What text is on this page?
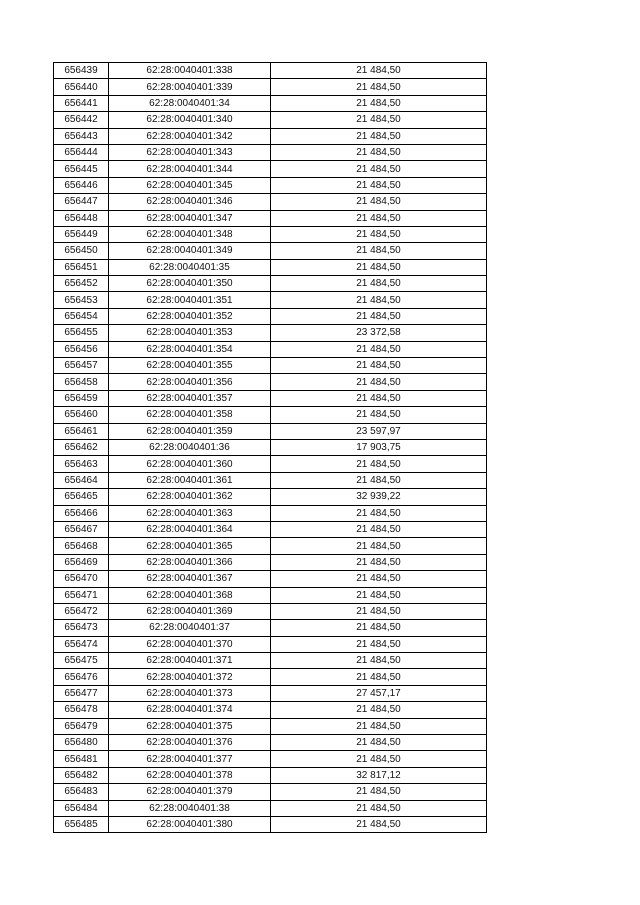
656439	62:28:0040401:338	21 484,50
656440	62:28:0040401:339	21 484,50
656441	62:28:0040401:34	21 484,50
656442	62:28:0040401:340	21 484,50
656443	62:28:0040401:342	21 484,50
656444	62:28:0040401:343	21 484,50
656445	62:28:0040401:344	21 484,50
656446	62:28:0040401:345	21 484,50
656447	62:28:0040401:346	21 484,50
656448	62:28:0040401:347	21 484,50
656449	62:28:0040401:348	21 484,50
656450	62:28:0040401:349	21 484,50
656451	62:28:0040401:35	21 484,50
656452	62:28:0040401:350	21 484,50
656453	62:28:0040401:351	21 484,50
656454	62:28:0040401:352	21 484,50
656455	62:28:0040401:353	23 372,58
656456	62:28:0040401:354	21 484,50
656457	62:28:0040401:355	21 484,50
656458	62:28:0040401:356	21 484,50
656459	62:28:0040401:357	21 484,50
656460	62:28:0040401:358	21 484,50
656461	62:28:0040401:359	23 597,97
656462	62:28:0040401:36	17 903,75
656463	62:28:0040401:360	21 484,50
656464	62:28:0040401:361	21 484,50
656465	62:28:0040401:362	32 939,22
656466	62:28:0040401:363	21 484,50
656467	62:28:0040401:364	21 484,50
656468	62:28:0040401:365	21 484,50
656469	62:28:0040401:366	21 484,50
656470	62:28:0040401:367	21 484,50
656471	62:28:0040401:368	21 484,50
656472	62:28:0040401:369	21 484,50
656473	62:28:0040401:37	21 484,50
656474	62:28:0040401:370	21 484,50
656475	62:28:0040401:371	21 484,50
656476	62:28:0040401:372	21 484,50
656477	62:28:0040401:373	27 457,17
656478	62:28:0040401:374	21 484,50
656479	62:28:0040401:375	21 484,50
656480	62:28:0040401:376	21 484,50
656481	62:28:0040401:377	21 484,50
656482	62:28:0040401:378	32 817,12
656483	62:28:0040401:379	21 484,50
656484	62:28:0040401:38	21 484,50
656485	62:28:0040401:380	21 484,50
